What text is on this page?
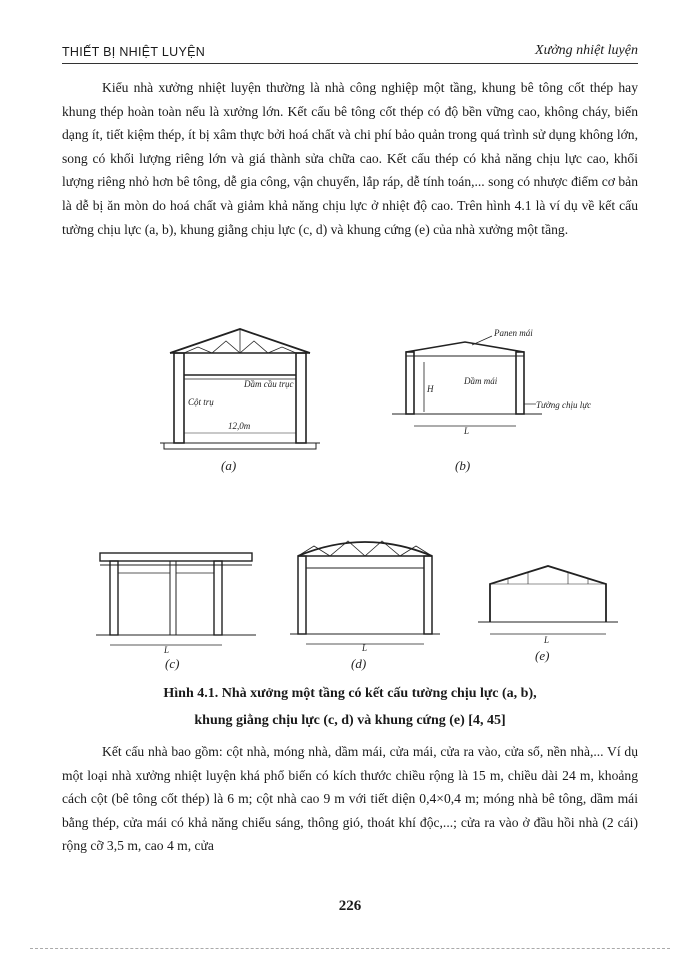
THIẾT BỊ NHIỆT LUYỆN	Xưởng nhiệt luyện

Kiểu nhà xưởng nhiệt luyện thường là nhà công nghiệp một tầng, khung bê tông cốt thép hay khung thép hoàn toàn nếu là xưởng lớn. Kết cấu bê tông cốt thép có độ bền vững cao, không cháy, biến dạng ít, tiết kiệm thép, ít bị xâm thực bởi hoá chất và chi phí bảo quản trong quá trình sử dụng không lớn, song có khối lượng riêng lớn và giá thành sửa chữa cao. Kết cấu thép có khả năng chịu lực cao, khối lượng riêng nhỏ hơn bê tông, dễ gia công, vận chuyển, lắp ráp, dễ tính toán,... song có nhược điểm cơ bản là dễ bị ăn mòn do hoá chất và giảm khả năng chịu lực ở nhiệt độ cao. Trên hình 4.1 là ví dụ về kết cấu tường chịu lực (a, b), khung giằng chịu lực (c, d) và khung cứng (e) của nhà xưởng một tầng.

Cột trụ
Dầm cầu trục
12,0m
(a)
Panen mái
Dầm mái
Tường chịu lực
H
L
(b)
L
(c)
L
(d)
L
(e)
Hình 4.1. Nhà xưởng một tầng có kết cấu tường chịu lực (a, b),
khung giằng chịu lực (c, d) và khung cứng (e) [4, 45]

Kết cấu nhà bao gồm: cột nhà, móng nhà, dầm mái, cửa mái, cửa ra vào, cửa sổ, nền nhà,... Ví dụ một loại nhà xưởng nhiệt luyện khá phổ biến có kích thước chiều rộng là 15 m, chiều dài 24 m, khoảng cách cột (bê tông cốt thép) là 6 m; cột nhà cao 9 m với tiết diện 0,4×0,4 m; móng nhà bê tông, dầm mái bằng thép, cửa mái có khả năng chiếu sáng, thông gió, thoát khí độc,...; cửa ra vào ở đầu hồi nhà (2 cái) rộng cỡ 3,5 m, cao 4 m, cửa

226
